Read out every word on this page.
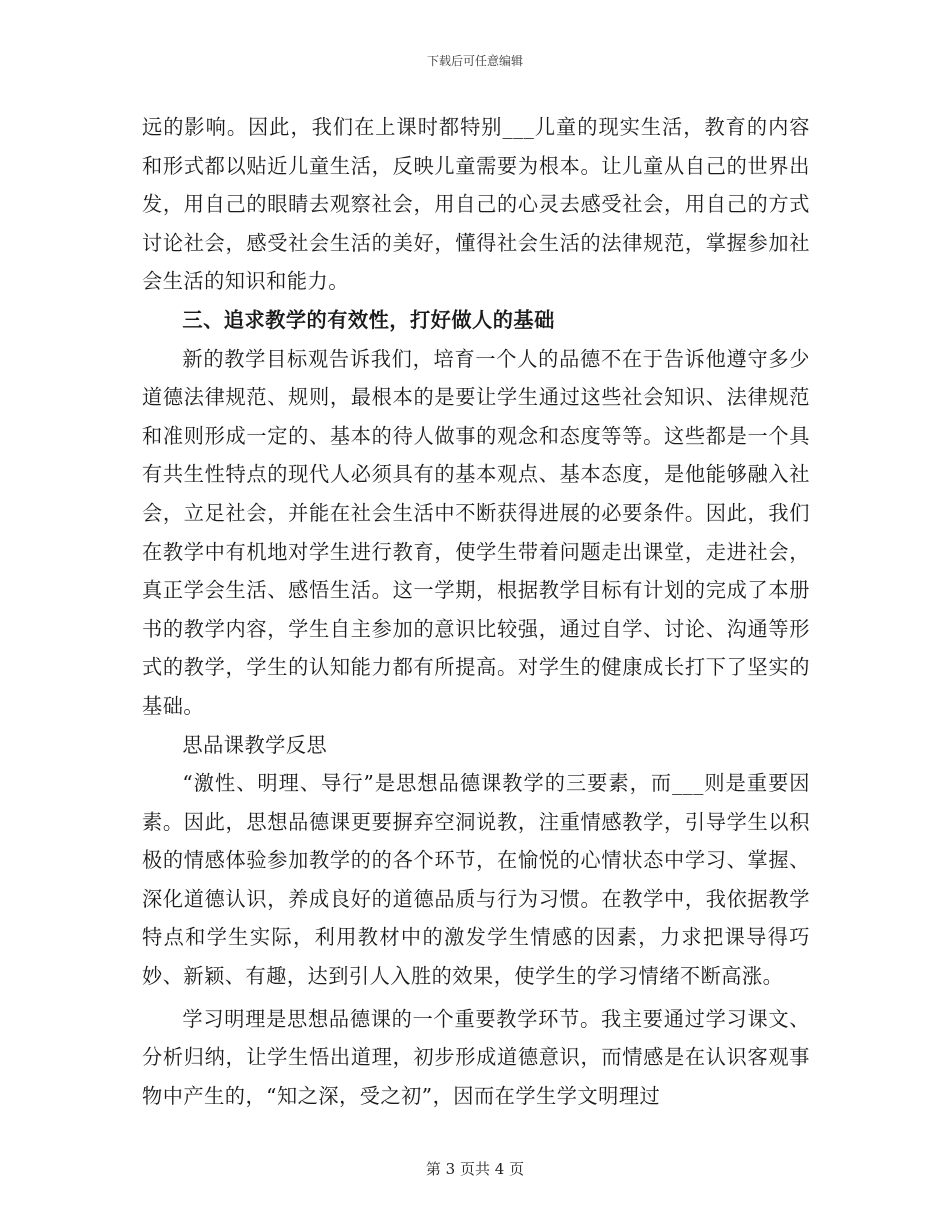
下载后可任意编辑

远的影响。因此，我们在上课时都特别___儿童的现实生活，教育的内容和形式都以贴近儿童生活，反映儿童需要为根本。让儿童从自己的世界出发，用自己的眼睛去观察社会，用自己的心灵去感受社会，用自己的方式讨论社会，感受社会生活的美好，懂得社会生活的法律规范，掌握参加社会生活的知识和能力。

三、追求教学的有效性，打好做人的基础

新的教学目标观告诉我们，培育一个人的品德不在于告诉他遵守多少道德法律规范、规则，最根本的是要让学生通过这些社会知识、法律规范和准则形成一定的、基本的待人做事的观念和态度等等。这些都是一个具有共生性特点的现代人必须具有的基本观点、基本态度，是他能够融入社会，立足社会，并能在社会生活中不断获得进展的必要条件。因此，我们在教学中有机地对学生进行教育，使学生带着问题走出课堂，走进社会，真正学会生活、感悟生活。这一学期，根据教学目标有计划的完成了本册书的教学内容，学生自主参加的意识比较强，通过自学、讨论、沟通等形式的教学，学生的认知能力都有所提高。对学生的健康成长打下了坚实的基础。

思品课教学反思

“激性、明理、导行”是思想品德课教学的三要素，而___则是重要因素。因此，思想品德课更要摒弃空洞说教，注重情感教学，引导学生以积极的情感体验参加教学的的各个环节，在愉悦的心情状态中学习、掌握、深化道德认识，养成良好的道德品质与行为习惯。在教学中，我依据教学特点和学生实际，利用教材中的激发学生情感的因素，力求把课导得巧妙、新颖、有趣，达到引人入胜的效果，使学生的学习情绪不断高涨。

学习明理是思想品德课的一个重要教学环节。我主要通过学习课文、分析归纳，让学生悟出道理，初步形成道德意识，而情感是在认识客观事物中产生的，“知之深，受之初”，因而在学生学文明理过

第 3 页共 4 页
